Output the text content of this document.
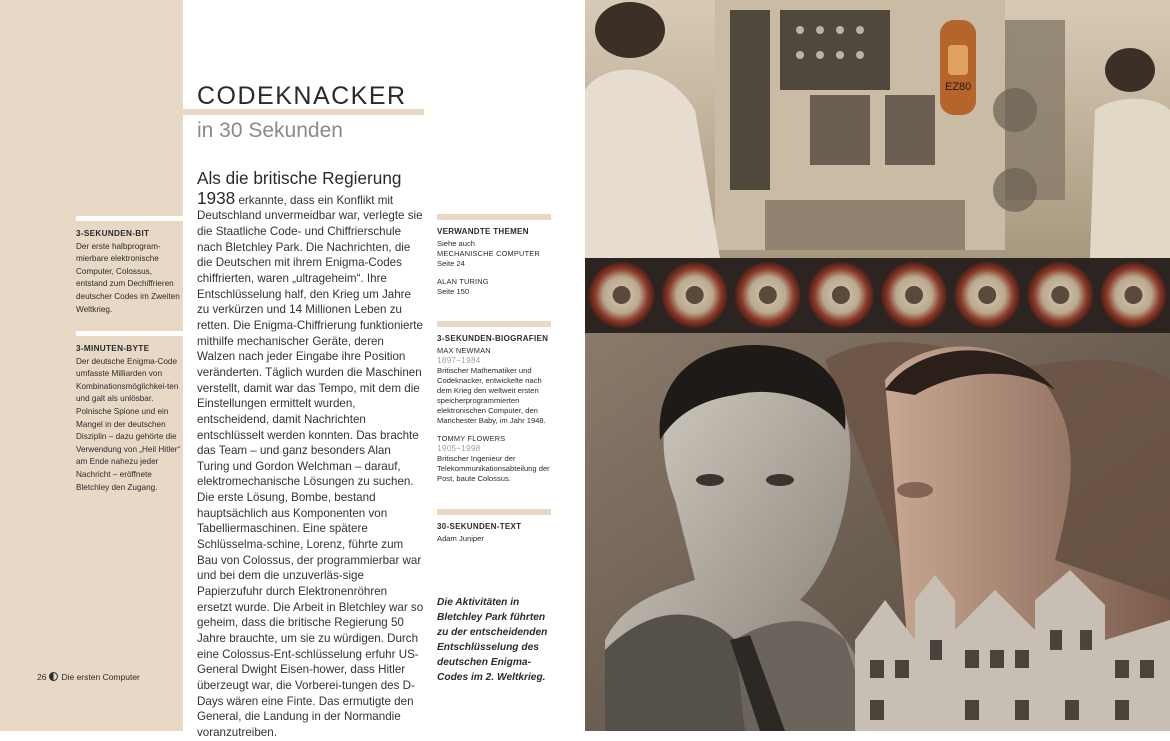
3-SEKUNDEN-BIT
Der erste halbprogram-mierbare elektronische Computer, Colossus, entstand zum Dechiffrieren deutscher Codes im Zweiten Weltkrieg.
3-MINUTEN-BYTE
Der deutsche Enigma-Code umfasste Milliarden von Kombinationsmöglichkei-ten und galt als unlösbar. Polnische Spione und ein Mangel in der deutschen Disziplin – dazu gehörte die Verwendung von „Heil Hitler“ am Ende nahezu jeder Nachricht – eröffnete Bletchley den Zugang.
26 Die ersten Computer
CODEKNACKER
in 30 Sekunden

Als die britische Regierung 1938 erkannte, dass ein Konflikt mit Deutschland unvermeidbar war, verlegte sie die Staatliche Code- und Chiffrierschule nach Bletchley Park. Die Nachrichten, die die Deutschen mit ihrem Enigma-Codes chiffrierten, waren „ultrageheim“. Ihre Entschlüsselung half, den Krieg um Jahre zu verkürzen und 14 Millionen Leben zu retten. Die Enigma-Chiffrierung funktionierte mithilfe mechanischer Geräte, deren Walzen nach jeder Eingabe ihre Position veränderten. Täglich wurden die Maschinen verstellt, damit war das Tempo, mit dem die Einstellungen ermittelt wurden, entscheidend, damit Nachrichten entschlüsselt werden konnten. Das brachte das Team – und ganz besonders Alan Turing und Gordon Welchman – darauf, elektromechanische Lösungen zu suchen. Die erste Lösung, Bombe, bestand hauptsächlich aus Komponenten von Tabelliermaschinen. Eine spätere Schlüsselma-schine, Lorenz, führte zum Bau von Colossus, der programmierbar war und bei dem die unzuverläs-sige Papierzufuhr durch Elektronenröhren ersetzt wurde. Die Arbeit in Bletchley war so geheim, dass die britische Regierung 50 Jahre brauchte, um sie zu würdigen. Durch eine Colossus-Ent-schlüsselung erfuhr US-General Dwight Eisen-hower, dass Hitler überzeugt war, die Vorberei-tungen des D-Days wären eine Finte. Das ermutigte den General, die Landung in der Normandie voranzutreiben.

VERWANDTE THEMEN
Siehe auch
MECHANISCHE COMPUTER
Seite 24
ALAN TURING
Seite 150
3-SEKUNDEN-BIOGRAFIEN
MAX NEWMAN
1897–1984
Britischer Mathematiker und Codeknacker, entwickelte nach dem Krieg den weltweit ersten speicherprogrammierten elektronischen Computer, den Manchester Baby, im Jahr 1948.
TOMMY FLOWERS
1905–1998
Britischer Ingenieur der Telekommunikationsabteilung der Post, baute Colossus.
30-SEKUNDEN-TEXT
Adam Juniper
Die Aktivitäten in Bletchley Park führten zu der entscheidenden Entschlüsselung des deutschen Enigma-Codes im 2. Weltkrieg.
EZ80
